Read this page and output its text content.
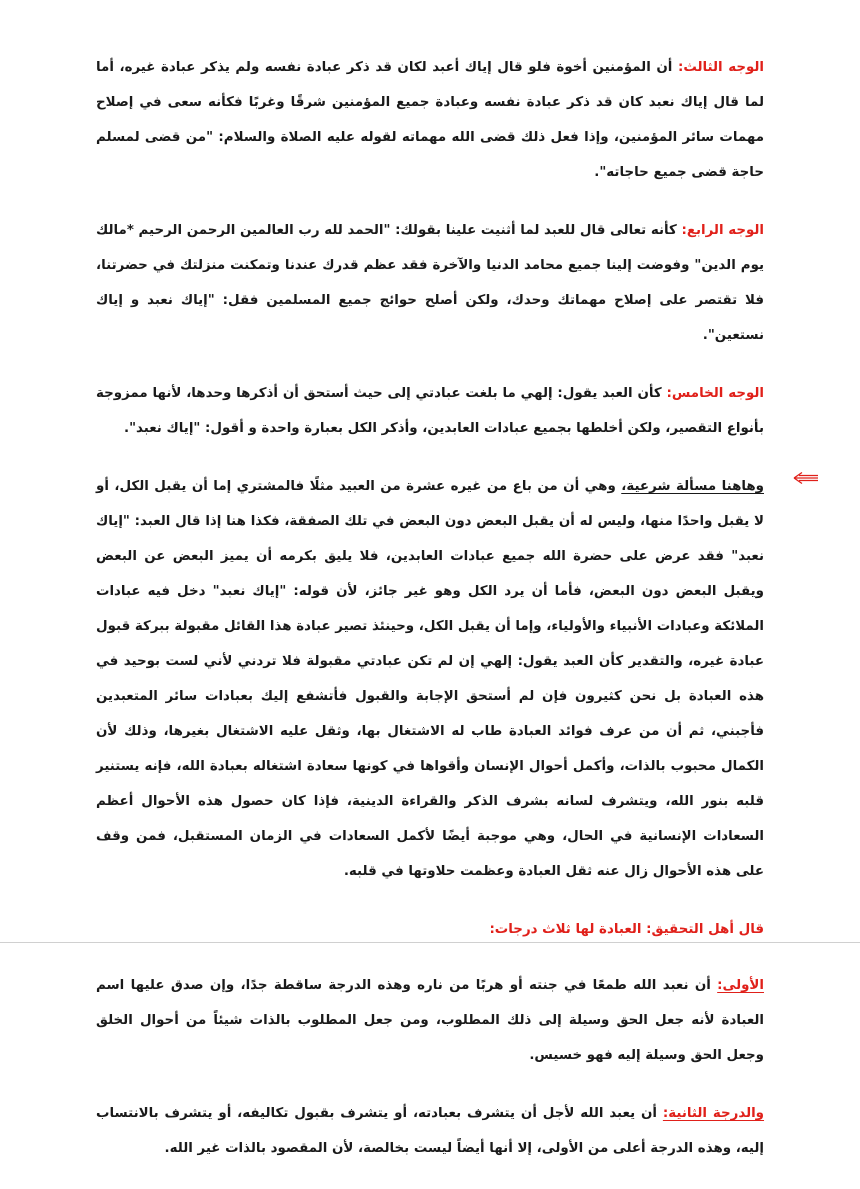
الوجه الثالث: أن المؤمنين أخوة فلو قال إياك أعبد لكان قد ذكر عبادة نفسه ولم يذكر عبادة غيره، أما لما قال إياك نعبد كان قد ذكر عبادة نفسه وعبادة جميع المؤمنين شرقًا وغربًا فكأنه سعى في إصلاح مهمات سائر المؤمنين، وإذا فعل ذلك قضى الله مهماته لقوله عليه الصلاة والسلام: "من قضى لمسلم حاجة قضى جميع حاجاته".

الوجه الرابع: كأنه تعالى قال للعبد لما أثنيت علينا بقولك: "الحمد لله رب العالمين الرحمن الرحيم *مالك يوم الدين" وفوضت إلينا جميع محامد الدنيا والآخرة فقد عظم قدرك عندنا وتمكنت منزلتك في حضرتنا، فلا تقتصر على إصلاح مهماتك وحدك، ولكن أصلح حوائج جميع المسلمين فقل: "إياك نعبد و إياك نستعين".

الوجه الخامس: كأن العبد يقول: إلهي ما بلغت عبادتي إلى حيث أستحق أن أذكرها وحدها، لأنها ممزوجة بأنواع التقصير، ولكن أخلطها بجميع عبادات العابدين، وأذكر الكل بعبارة واحدة و أقول: "إياك نعبد".

وهاهنا مسألة شرعية، وهي أن من باع من غيره عشرة من العبيد مثلًا فالمشتري إما أن يقبل الكل، أو لا يقبل واحدًا منها، وليس له أن يقبل البعض دون البعض في تلك الصفقة، فكذا هنا إذا قال العبد: "إياك نعبد" فقد عرض على حضرة الله جميع عبادات العابدين، فلا يليق بكرمه أن يميز البعض عن البعض ويقبل البعض دون البعض، فأما أن يرد الكل وهو غير جائز، لأن قوله: "إياك نعبد" دخل فيه عبادات الملائكة وعبادات الأنبياء والأولياء، وإما أن يقبل الكل، وحينئذ تصير عبادة هذا القائل مقبولة ببركة قبول عبادة غيره، والتقدير كأن العبد يقول: إلهي إن لم تكن عبادتي مقبولة فلا تردني لأني لست بوحيد في هذه العبادة بل نحن كثيرون فإن لم أستحق الإجابة والقبول فأتشفع إليك بعبادات سائر المتعبدين فأجبني، ثم أن من عرف فوائد العبادة طاب له الاشتغال بها، وثقل عليه الاشتغال بغيرها، وذلك لأن الكمال محبوب بالذات، وأكمل أحوال الإنسان وأقواها في كونها سعادة اشتغاله بعبادة الله، فإنه يستنير قلبه بنور الله، ويتشرف لسانه بشرف الذكر والقراءة الدينية، فإذا كان حصول هذه الأحوال أعظم السعادات الإنسانية في الحال، وهي موجبة أيضًا لأكمل السعادات في الزمان المستقبل، فمن وقف على هذه الأحوال زال عنه ثقل العبادة وعظمت حلاوتها في قلبه.

قال أهل التحقيق: العبادة لها ثلاث درجات:

الأولى: أن نعبد الله طمعًا في جنته أو هربًا من ناره وهذه الدرجة ساقطة جدًا، وإن صدق عليها اسم العبادة لأنه جعل الحق وسيلة إلى ذلك المطلوب، ومن جعل المطلوب بالذات شيئاً من أحوال الخلق وجعل الحق وسيلة إليه فهو خسيس.

والدرجة الثانية: أن يعبد الله لأجل أن يتشرف بعبادته، أو يتشرف بقبول تكاليفه، أو يتشرف بالانتساب إليه، وهذه الدرجة أعلى من الأولى، إلا أنها أيضاً ليست بخالصة، لأن المقصود بالذات غير الله.
